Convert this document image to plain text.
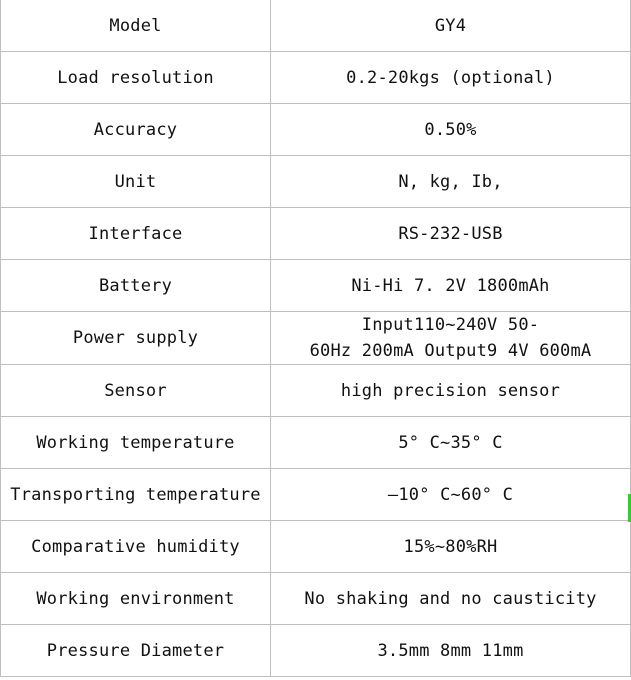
Model	GY4
Load resolution	0.2-20kgs (optional)
Accuracy	0.50%
Unit	N, kg, Ib,
Interface	RS-232-USB
Battery	Ni-Hi 7. 2V 1800mAh
Power supply	Input110~240V 50-
60Hz 200mA Output9 4V 600mA
Sensor	high precision sensor
Working temperature	5° C~35° C
Transporting temperature	—10° C~60° C
Comparative humidity	15%~80%RH
Working environment	No shaking and no causticity
Pressure Diameter	3.5mm 8mm 11mm
